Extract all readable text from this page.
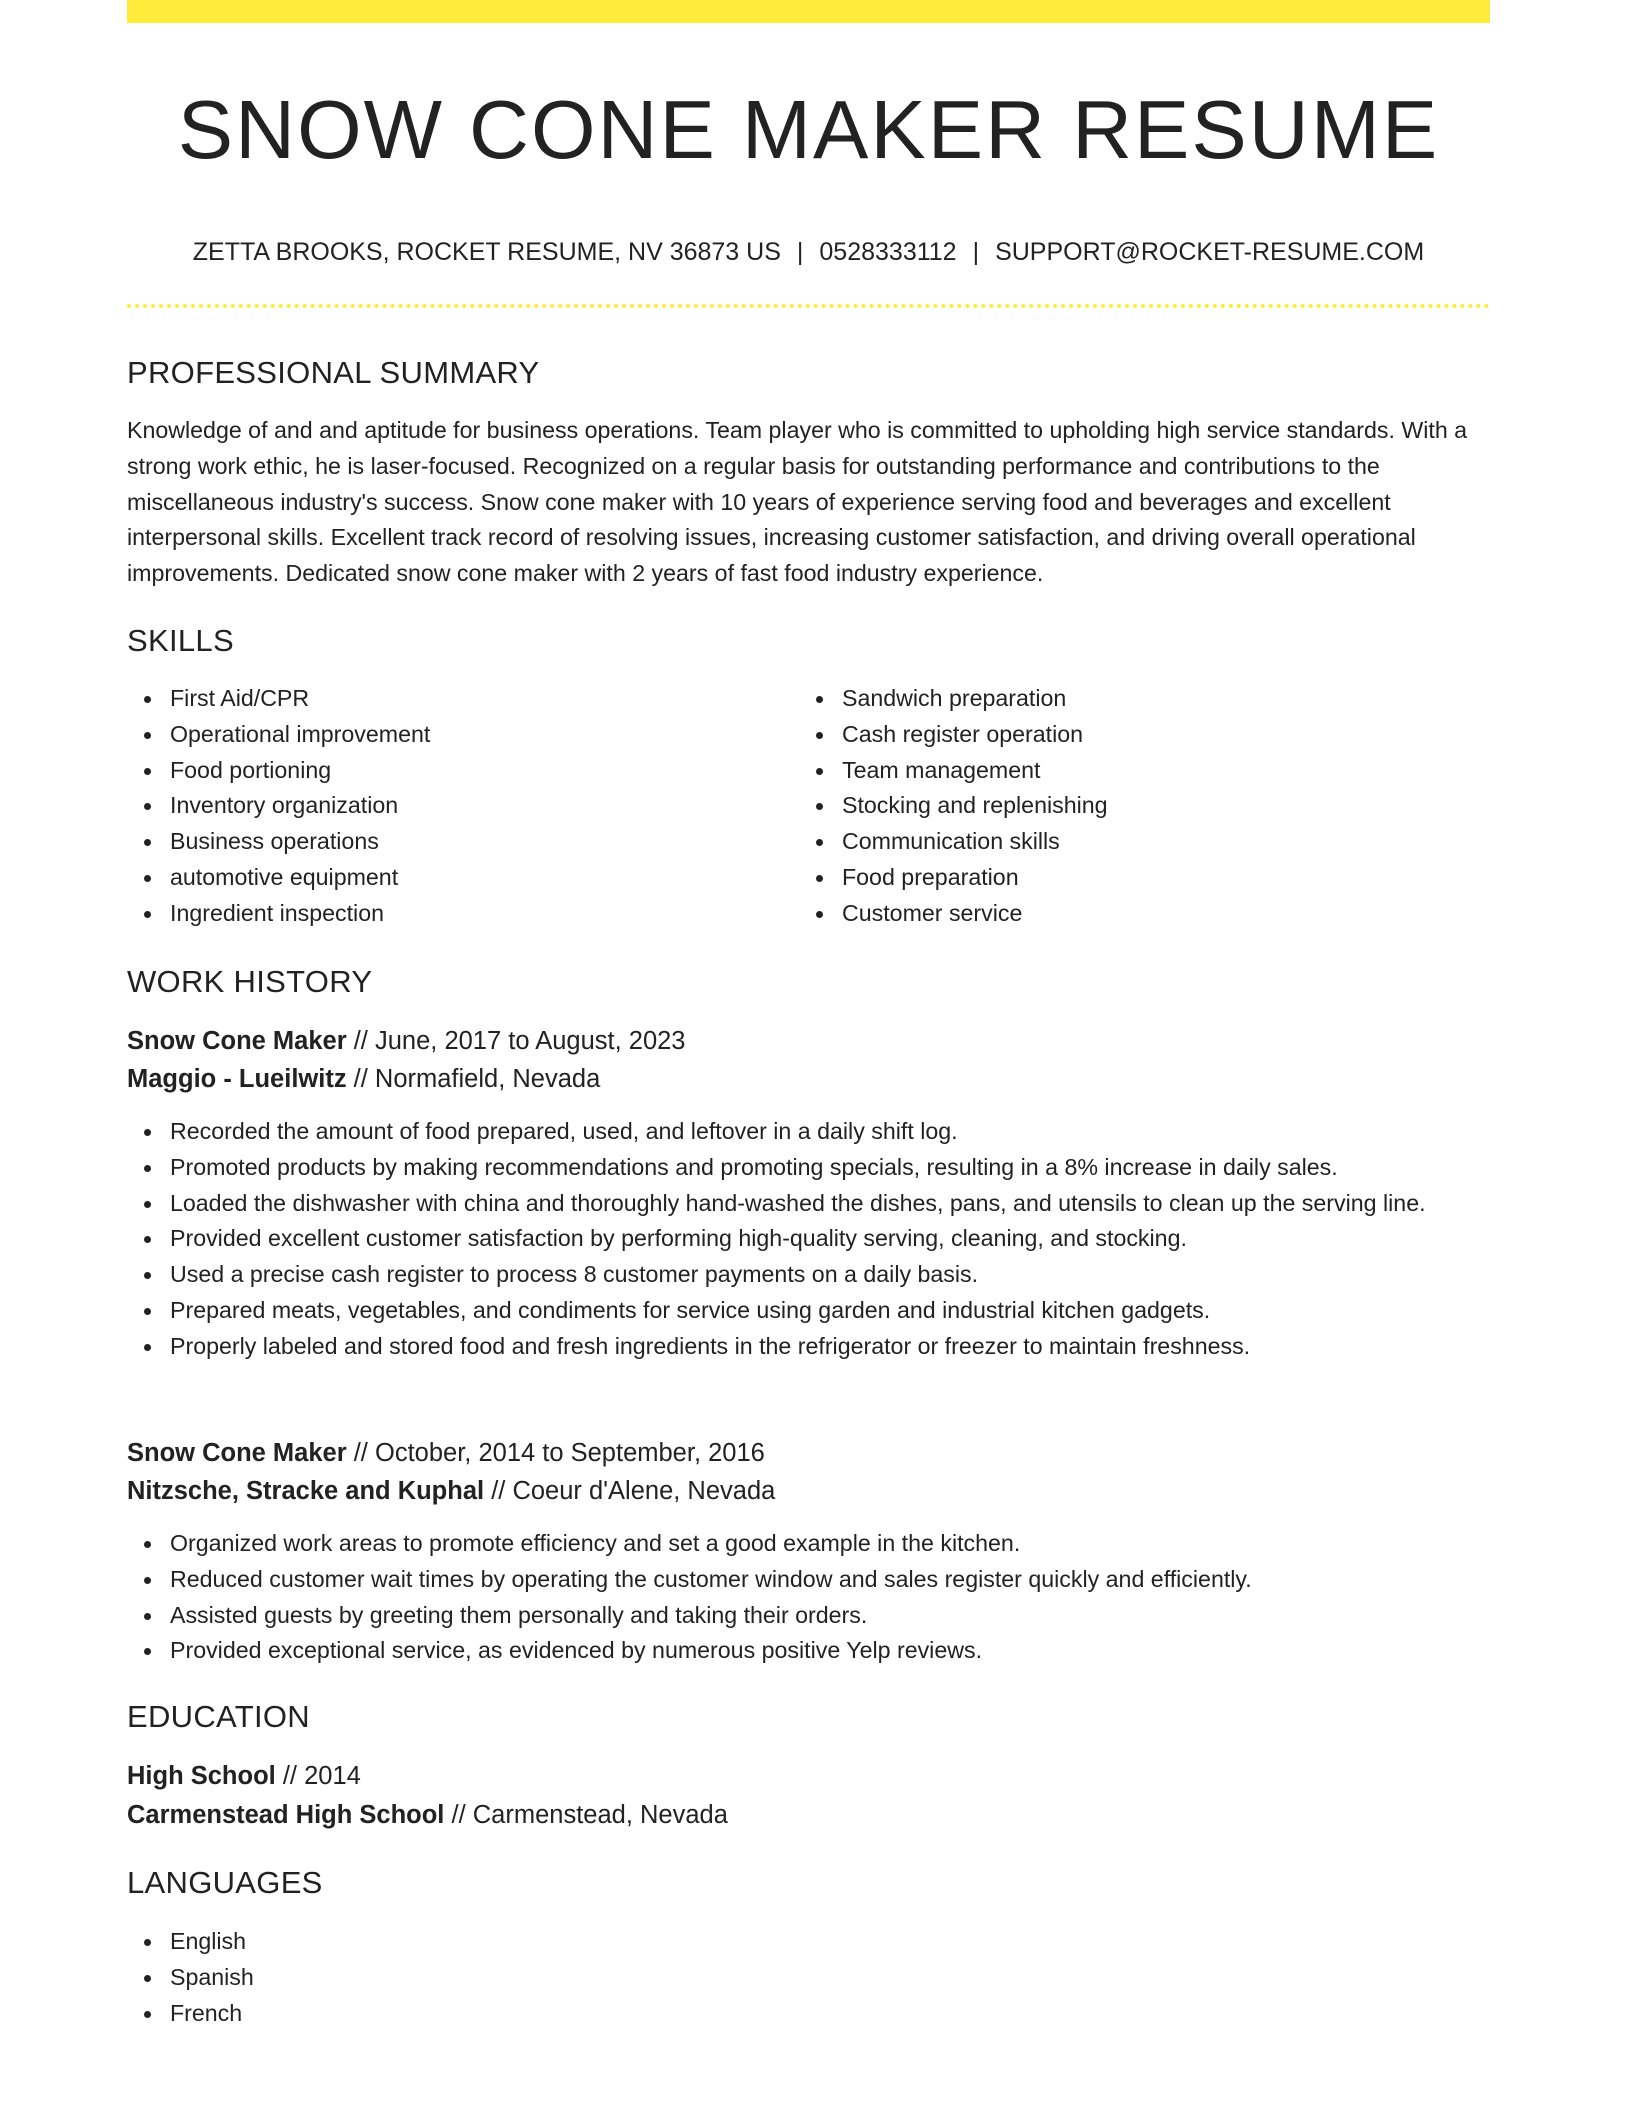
SNOW CONE MAKER RESUME
ZETTA BROOKS, ROCKET RESUME, NV 36873 US | 0528333112 | SUPPORT@ROCKET-RESUME.COM
PROFESSIONAL SUMMARY

Knowledge of and and aptitude for business operations. Team player who is committed to upholding high service standards. With a strong work ethic, he is laser-focused. Recognized on a regular basis for outstanding performance and contributions to the miscellaneous industry's success. Snow cone maker with 10 years of experience serving food and beverages and excellent interpersonal skills. Excellent track record of resolving issues, increasing customer satisfaction, and driving overall operational improvements. Dedicated snow cone maker with 2 years of fast food industry experience.

SKILLS
First Aid/CPR
Operational improvement
Food portioning
Inventory organization
Business operations
automotive equipment
Ingredient inspection
Sandwich preparation
Cash register operation
Team management
Stocking and replenishing
Communication skills
Food preparation
Customer service
WORK HISTORY
Snow Cone Maker // June, 2017 to August, 2023
Maggio - Lueilwitz // Normafield, Nevada
Recorded the amount of food prepared, used, and leftover in a daily shift log.
Promoted products by making recommendations and promoting specials, resulting in a 8% increase in daily sales.
Loaded the dishwasher with china and thoroughly hand-washed the dishes, pans, and utensils to clean up the serving line.
Provided excellent customer satisfaction by performing high-quality serving, cleaning, and stocking.
Used a precise cash register to process 8 customer payments on a daily basis.
Prepared meats, vegetables, and condiments for service using garden and industrial kitchen gadgets.
Properly labeled and stored food and fresh ingredients in the refrigerator or freezer to maintain freshness.
Snow Cone Maker // October, 2014 to September, 2016
Nitzsche, Stracke and Kuphal // Coeur d'Alene, Nevada
Organized work areas to promote efficiency and set a good example in the kitchen.
Reduced customer wait times by operating the customer window and sales register quickly and efficiently.
Assisted guests by greeting them personally and taking their orders.
Provided exceptional service, as evidenced by numerous positive Yelp reviews.
EDUCATION
High School // 2014
Carmenstead High School // Carmenstead, Nevada
LANGUAGES
English
Spanish
French
